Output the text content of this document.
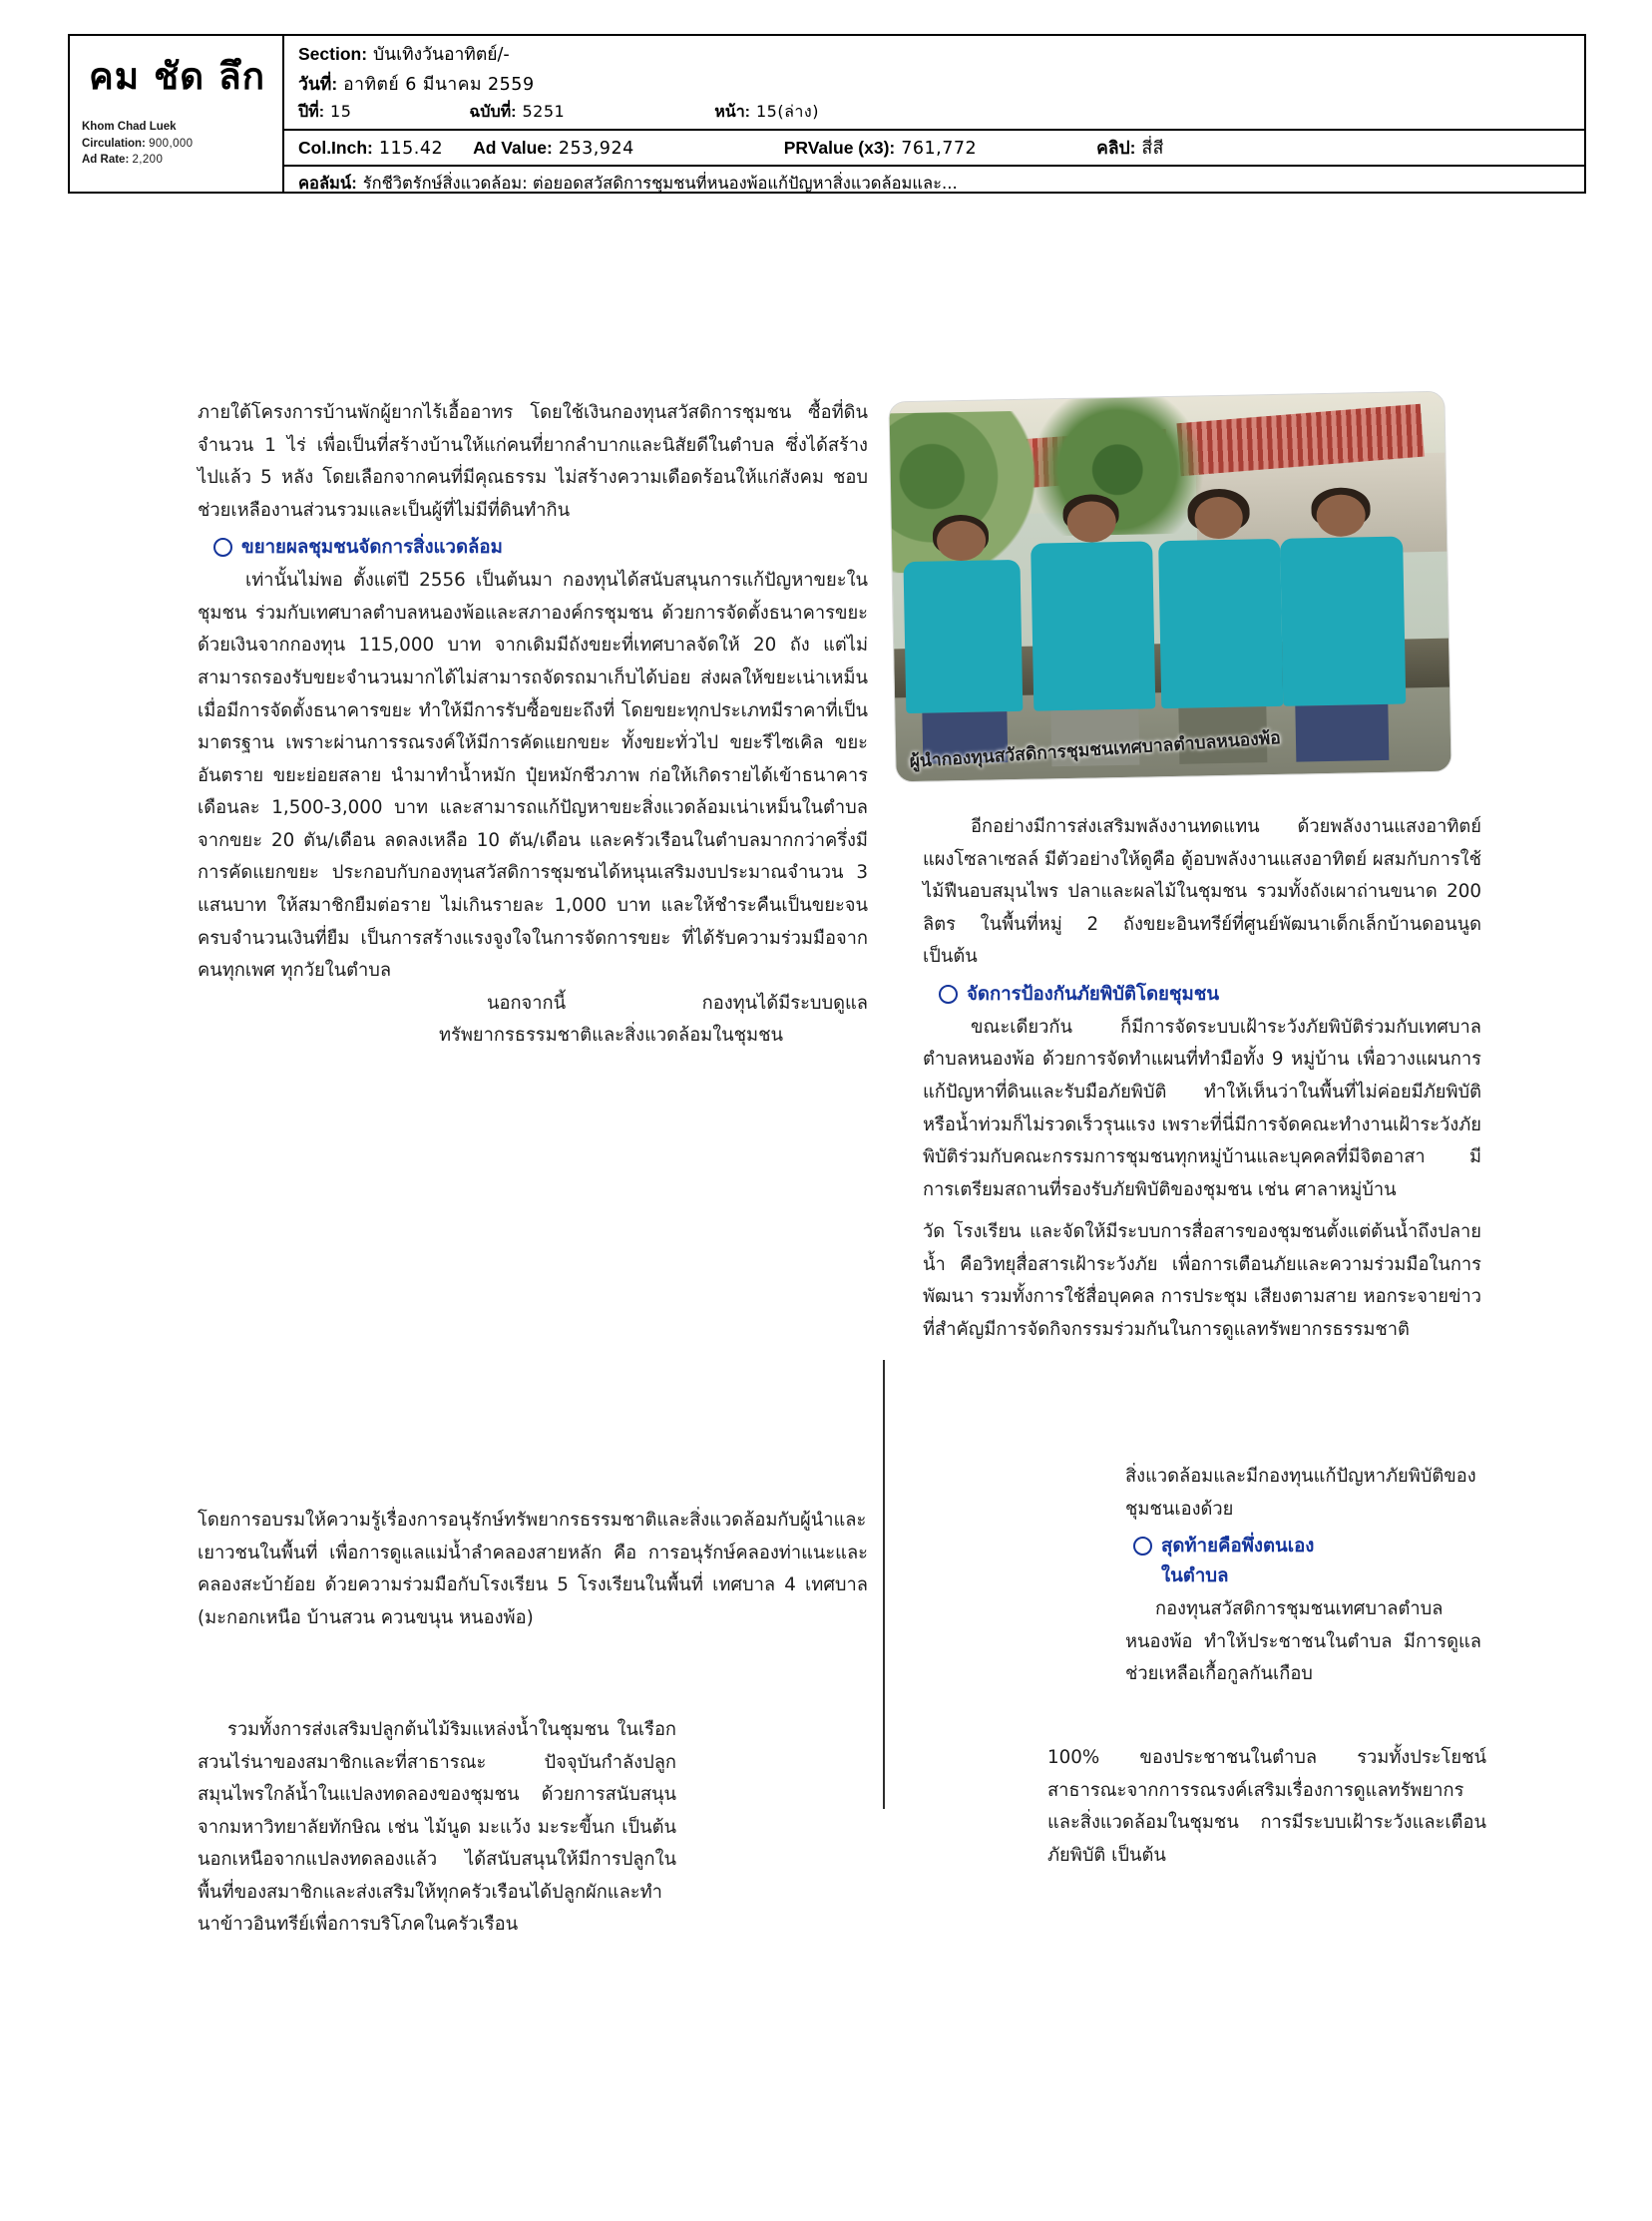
คม ชัด ลึก
Khom Chad Luek
Circulation: 900,000
Ad Rate: 2,200
Section: บันเทิงวันอาทิตย์/-
วันที่: อาทิตย์ 6 มีนาคม 2559
ปีที่: 15	ฉบับที่: 5251	หน้า: 15(ล่าง)
Col.Inch: 115.42 Ad Value: 253,924	PRValue (x3): 761,772	คลิป: สี่สี
คอลัมน์: รักชีวิตรักษ์สิ่งแวดล้อม: ต่อยอดสวัสดิการชุมชนที่หนองพ้อแก้ปัญหาสิ่งแวดล้อมและ...
ผู้นำกองทุนสวัสดิการชุมชนเทศบาลตำบลหนองพ้อ
ภายใต้โครงการบ้านพักผู้ยากไร้เอื้ออาทร โดยใช้เงินกองทุนสวัสดิการชุมชน ซื้อที่ดินจำนวน 1 ไร่ เพื่อเป็นที่สร้างบ้านให้แก่คนที่ยากลำบากและนิสัยดีในตำบล ซึ่งได้สร้างไปแล้ว 5 หลัง โดยเลือกจากคนที่มีคุณธรรม ไม่สร้างความเดือดร้อนให้แก่สังคม ชอบช่วยเหลืองานส่วนรวมและเป็นผู้ที่ไม่มีที่ดินทำกิน
ขยายผลชุมชนจัดการสิ่งแวดล้อม
เท่านั้นไม่พอ ตั้งแต่ปี 2556 เป็นต้นมา กองทุนได้สนับสนุนการแก้ปัญหาขยะในชุมชน ร่วมกับเทศบาลตำบลหนองพ้อและสภาองค์กรชุมชน ด้วยการจัดตั้งธนาคารขยะด้วยเงินจากกองทุน 115,000 บาท จากเดิมมีถังขยะที่เทศบาลจัดให้ 20 ถัง แต่ไม่สามารถรองรับขยะจำนวนมากได้ไม่สามารถจัดรถมาเก็บได้บ่อย ส่งผลให้ขยะเน่าเหม็น เมื่อมีการจัดตั้งธนาคารขยะ ทำให้มีการรับซื้อขยะถึงที่ โดยขยะทุกประเภทมีราคาที่เป็นมาตรฐาน เพราะผ่านการรณรงค์ให้มีการคัดแยกขยะ ทั้งขยะทั่วไป ขยะรีไซเคิล ขยะอันตราย ขยะย่อยสลาย นำมาทำน้ำหมัก ปุ๋ยหมักชีวภาพ ก่อให้เกิดรายได้เข้าธนาคารเดือนละ 1,500-3,000 บาท และสามารถแก้ปัญหาขยะสิ่งแวดล้อมเน่าเหม็นในตำบลจากขยะ 20 ตัน/เดือน ลดลงเหลือ 10 ตัน/เดือน และครัวเรือนในตำบลมากกว่าครึ่งมีการคัดแยกขยะ ประกอบกับกองทุนสวัสดิการชุมชนได้หนุนเสริมงบประมาณจำนวน 3 แสนบาท ให้สมาชิกยืมต่อราย ไม่เกินรายละ 1,000 บาท และให้ชำระคืนเป็นขยะจนครบจำนวนเงินที่ยืม เป็นการสร้างแรงจูงใจในการจัดการขยะ ที่ได้รับความร่วมมือจากคนทุกเพศ ทุกวัยในตำบล
นอกจากนี้ กองทุนได้มีระบบดูแลทรัพยากรธรรมชาติและสิ่งแวดล้อมในชุมชน
อีกอย่างมีการส่งเสริมพลังงานทดแทน ด้วยพลังงานแสงอาทิตย์ แผงโซลาเซลล์ มีตัวอย่างให้ดูคือ ตู้อบพลังงานแสงอาทิตย์ ผสมกับการใช้ไม้ฟืนอบสมุนไพร ปลาและผลไม้ในชุมชน รวมทั้งถังเผาถ่านขนาด 200 ลิตร ในพื้นที่หมู่ 2 ถังขยะอินทรีย์ที่ศูนย์พัฒนาเด็กเล็กบ้านดอนนูด เป็นต้น
จัดการป้องกันภัยพิบัติโดยชุมชน
ขณะเดียวกัน ก็มีการจัดระบบเฝ้าระวังภัยพิบัติร่วมกับเทศบาลตำบลหนองพ้อ ด้วยการจัดทำแผนที่ทำมือทั้ง 9 หมู่บ้าน เพื่อวางแผนการแก้ปัญหาที่ดินและรับมือภัยพิบัติ ทำให้เห็นว่าในพื้นที่ไม่ค่อยมีภัยพิบัติ หรือน้ำท่วมก็ไม่รวดเร็วรุนแรง เพราะที่นี่มีการจัดคณะทำงานเฝ้าระวังภัยพิบัติร่วมกับคณะกรรมการชุมชนทุกหมู่บ้านและบุคคลที่มีจิตอาสา มีการเตรียมสถานที่รองรับภัยพิบัติของชุมชน เช่น ศาลาหมู่บ้าน
วัด โรงเรียน และจัดให้มีระบบการสื่อสารของชุมชนตั้งแต่ต้นน้ำถึงปลายน้ำ คือวิทยุสื่อสารเฝ้าระวังภัย เพื่อการเตือนภัยและความร่วมมือในการพัฒนา รวมทั้งการใช้สื่อบุคคล การประชุม เสียงตามสาย หอกระจายข่าว ที่สำคัญมีการจัดกิจกรรมร่วมกันในการดูแลทรัพยากรธรรมชาติ
โดยการอบรมให้ความรู้เรื่องการอนุรักษ์ทรัพยากรธรรมชาติและสิ่งแวดล้อมกับผู้นำและเยาวชนในพื้นที่ เพื่อการดูแลแม่น้ำลำคลองสายหลัก คือ การอนุรักษ์คลองท่าแนะและคลองสะบ้าย้อย ด้วยความร่วมมือกับโรงเรียน 5 โรงเรียนในพื้นที่ เทศบาล 4 เทศบาล (มะกอกเหนือ บ้านสวน ควนขนุน หนองพ้อ)
รวมทั้งการส่งเสริมปลูกต้นไม้ริมแหล่งน้ำในชุมชน ในเรือกสวนไร่นาของสมาชิกและที่สาธารณะ ปัจจุบันกำลังปลูกสมุนไพรใกล้น้ำในแปลงทดลองของชุมชน ด้วยการสนับสนุนจากมหาวิทยาลัยทักษิณ เช่น ไม้นูด มะแว้ง มะระขี้นก เป็นต้น นอกเหนือจากแปลงทดลองแล้ว ได้สนับสนุนให้มีการปลูกในพื้นที่ของสมาชิกและส่งเสริมให้ทุกครัวเรือนได้ปลูกผักและทำนาข้าวอินทรีย์เพื่อการบริโภคในครัวเรือน
สิ่งแวดล้อมและมีกองทุนแก้ปัญหาภัยพิบัติของชุมชนเองด้วย
สุดท้ายคือพึ่งตนเอง
ในตำบล
กองทุนสวัสดิการชุมชนเทศบาลตำบลหนองพ้อ ทำให้ประชาชนในตำบล มีการดูแลช่วยเหลือเกื้อกูลกันเกือบ
100% ของประชาชนในตำบล รวมทั้งประโยชน์สาธารณะจากการรณรงค์เสริมเรื่องการดูแลทรัพยากรและสิ่งแวดล้อมในชุมชน การมีระบบเฝ้าระวังและเตือนภัยพิบัติ เป็นต้น
